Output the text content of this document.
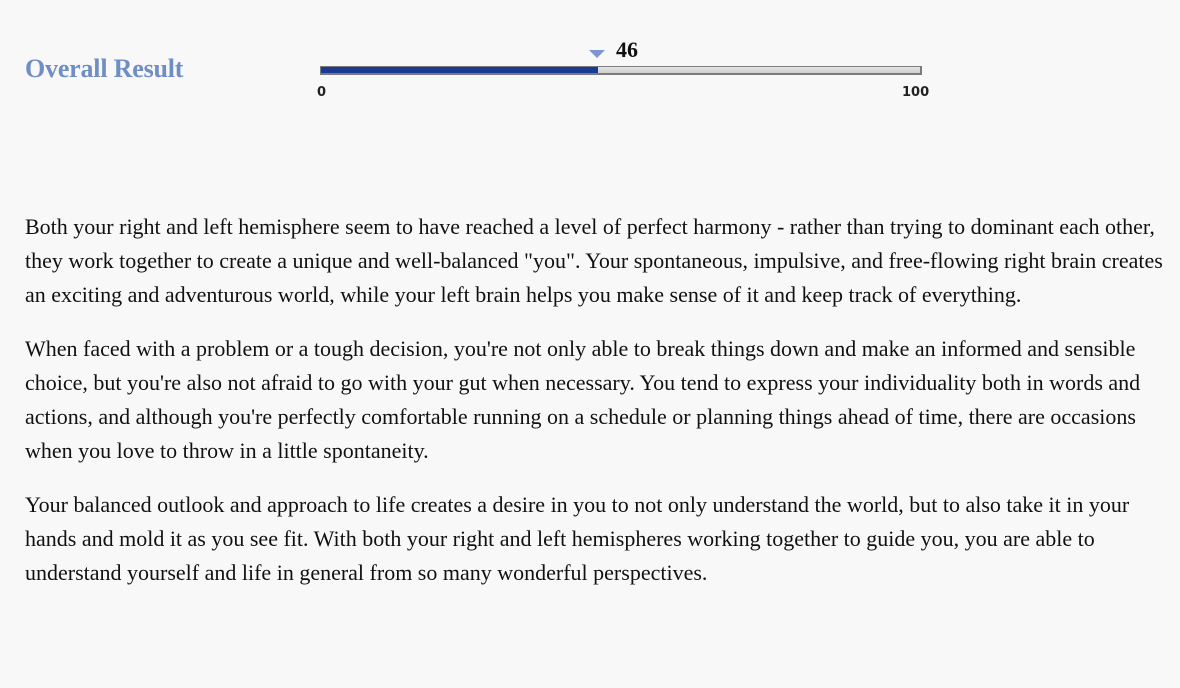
Overall Result
46
0	100

Both your right and left hemisphere seem to have reached a level of perfect harmony - rather than trying to dominant each other, they work together to create a unique and well-balanced "you". Your spontaneous, impulsive, and free-flowing right brain creates an exciting and adventurous world, while your left brain helps you make sense of it and keep track of everything.

When faced with a problem or a tough decision, you're not only able to break things down and make an informed and sensible choice, but you're also not afraid to go with your gut when necessary. You tend to express your individuality both in words and actions, and although you're perfectly comfortable running on a schedule or planning things ahead of time, there are occasions when you love to throw in a little spontaneity.

Your balanced outlook and approach to life creates a desire in you to not only understand the world, but to also take it in your hands and mold it as you see fit. With both your right and left hemispheres working together to guide you, you are able to understand yourself and life in general from so many wonderful perspectives.
